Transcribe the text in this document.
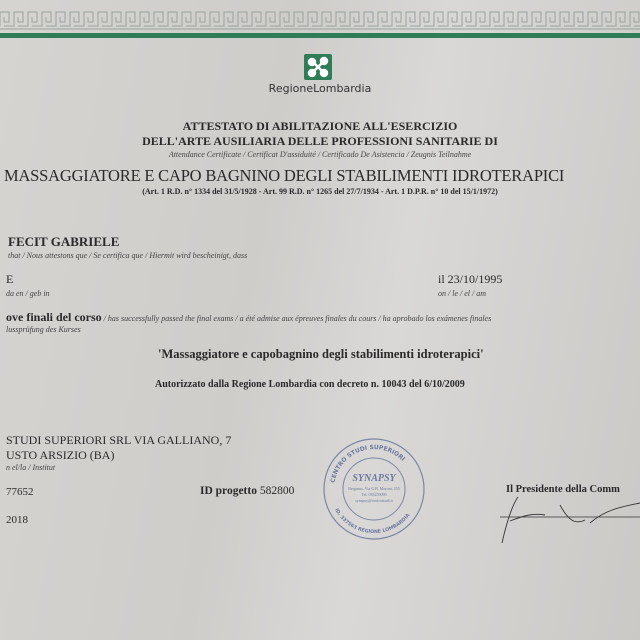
RegioneLombardia
ATTESTATO DI ABILITAZIONE ALL'ESERCIZIO
DELL'ARTE AUSILIARIA DELLE PROFESSIONI SANITARIE DI
Attendance Certificate / Certificat D'assiduité / Certificado De Asistencia / Zeugnis Teilnahme
MASSAGGIATORE E CAPO BAGNINO DEGLI STABILIMENTI IDROTERAPICI
(Art. 1 R.D. n° 1334 del 31/5/1928 - Art. 99 R.D. n° 1265 del 27/7/1934 - Art. 1 D.P.R. n° 10 del 15/1/1972)
FECIT GABRIELE
that / Nous attestons que / Se certifica que / Hiermit wird bescheinigt, dass
E
da en / geb in
il 23/10/1995
on / le / el / am
ove finali del corso / has successfully passed the final exams / a été admise aux épreuves finales du cours / ha aprobado los exámenes finales
lussprüfung des Kurses
'Massaggiatore e capobagnino degli stabilimenti idroterapici'
Autorizzato dalla Regione Lombardia con decreto n. 10043 del 6/10/2009
STUDI SUPERIORI SRL VIA GALLIANO, 7
USTO ARSIZIO (BA)
n el/la / Institut
77652	ID progetto 582800
2018
CENTRO STUDI SUPERIORI
ID. 337563 REGIONE LOMBARDIA
SYNAPSY
Bergamo, Via G.B. Moroni, 255
Tel. 035259090
synapsy@centrostudi.it
Il Presidente della Comm
